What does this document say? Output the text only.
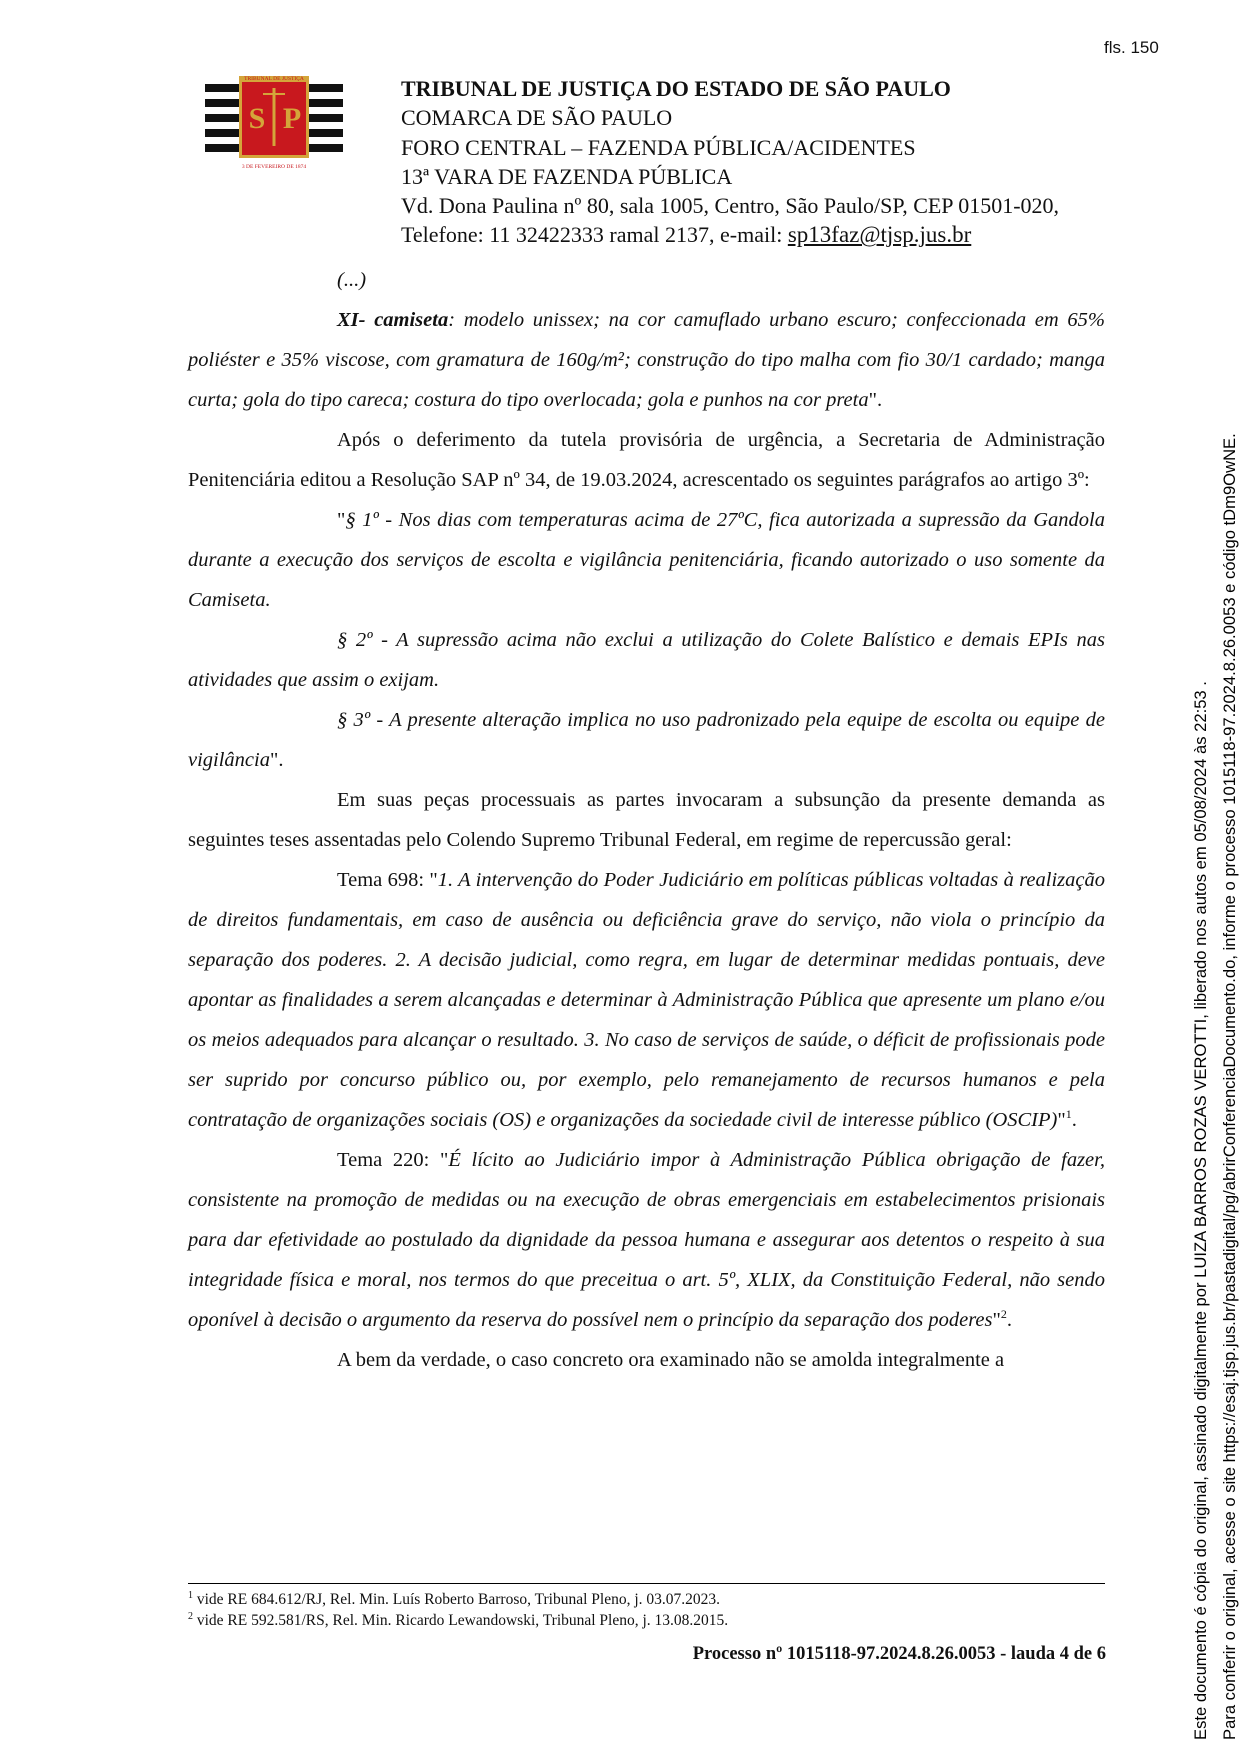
fls. 150
TRIBUNAL DE JUSTIÇA
S P
3 DE FEVEREIRO DE 1874
TRIBUNAL DE JUSTIÇA DO ESTADO DE SÃO PAULO
COMARCA DE SÃO PAULO
FORO CENTRAL – FAZENDA PÚBLICA/ACIDENTES
13ª VARA DE FAZENDA PÚBLICA
Vd. Dona Paulina nº 80, sala 1005, Centro, São Paulo/SP, CEP 01501-020,
Telefone: 11 32422333 ramal 2137, e-mail: sp13faz@tjsp.jus.br

(...)

XI- camiseta: modelo unissex; na cor camuflado urbano escuro; confeccionada em 65% poliéster e 35% viscose, com gramatura de 160g/m²; construção do tipo malha com fio 30/1 cardado; manga curta; gola do tipo careca; costura do tipo overlocada; gola e punhos na cor preta".

Após o deferimento da tutela provisória de urgência, a Secretaria de Administração Penitenciária editou a Resolução SAP nº 34, de 19.03.2024, acrescentado os seguintes parágrafos ao artigo 3º:

"§ 1º - Nos dias com temperaturas acima de 27ºC, fica autorizada a supressão da Gandola durante a execução dos serviços de escolta e vigilância penitenciária, ficando autorizado o uso somente da Camiseta.

§ 2º - A supressão acima não exclui a utilização do Colete Balístico e demais EPIs nas atividades que assim o exijam.

§ 3º - A presente alteração implica no uso padronizado pela equipe de escolta ou equipe de vigilância".

Em suas peças processuais as partes invocaram a subsunção da presente demanda as seguintes teses assentadas pelo Colendo Supremo Tribunal Federal, em regime de repercussão geral:

Tema 698: "1. A intervenção do Poder Judiciário em políticas públicas voltadas à realização de direitos fundamentais, em caso de ausência ou deficiência grave do serviço, não viola o princípio da separação dos poderes. 2. A decisão judicial, como regra, em lugar de determinar medidas pontuais, deve apontar as finalidades a serem alcançadas e determinar à Administração Pública que apresente um plano e/ou os meios adequados para alcançar o resultado. 3. No caso de serviços de saúde, o déficit de profissionais pode ser suprido por concurso público ou, por exemplo, pelo remanejamento de recursos humanos e pela contratação de organizações sociais (OS) e organizações da sociedade civil de interesse público (OSCIP)"$^1$.

Tema 220: "É lícito ao Judiciário impor à Administração Pública obrigação de fazer, consistente na promoção de medidas ou na execução de obras emergenciais em estabelecimentos prisionais para dar efetividade ao postulado da dignidade da pessoa humana e assegurar aos detentos o respeito à sua integridade física e moral, nos termos do que preceitua o art. 5º, XLIX, da Constituição Federal, não sendo oponível à decisão o argumento da reserva do possível nem o princípio da separação dos poderes"$^2$.

A bem da verdade, o caso concreto ora examinado não se amolda integralmente a

$^1$ vide RE 684.612/RJ, Rel. Min. Luís Roberto Barroso, Tribunal Pleno, j. 03.07.2023.
$^2$ vide RE 592.581/RS, Rel. Min. Ricardo Lewandowski, Tribunal Pleno, j. 13.08.2015.
Processo nº 1015118-97.2024.8.26.0053 - lauda 4 de 6	Este documento é cópia do original, assinado digitalmente por LUIZA BARROS ROZAS VEROTTI, liberado nos autos em 05/08/2024 às 22:53 . Para conferir o original, acesse o site https://esaj.tjsp.jus.br/pastadigital/pg/abrirConferenciaDocumento.do, informe o processo 1015118-97.2024.8.26.0053 e código tDm9OwNE.
